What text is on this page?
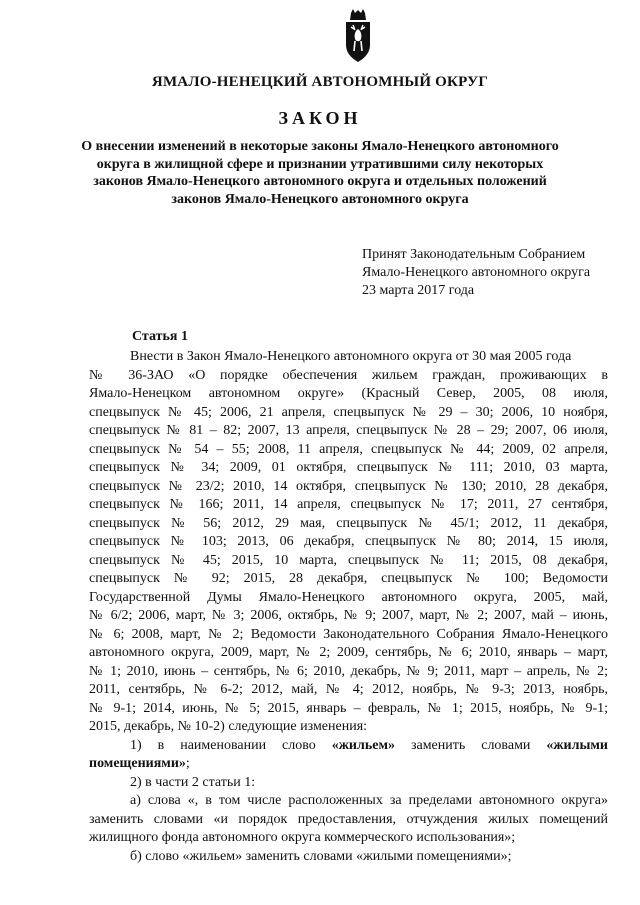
ЯМАЛО-НЕНЕЦКИЙ АВТОНОМНЫЙ ОКРУГ
ЗАКОН
О внесении изменений в некоторые законы Ямало-Ненецкого автономного
округа в жилищной сфере и признании утратившими силу некоторых
законов Ямало-Ненецкого автономного округа и отдельных положений
законов Ямало-Ненецкого автономного округа
Принят Законодательным Собранием
Ямало-Ненецкого автономного округа
23 марта 2017 года
Статья 1
Внести в Закон Ямало-Ненецкого автономного округа от 30 мая 2005 года
№ 36-ЗАО «О порядке обеспечения жильем граждан, проживающих в
Ямало-Ненецком автономном округе» (Красный Север, 2005, 08 июля,
спецвыпуск № 45; 2006, 21 апреля, спецвыпуск № 29 – 30; 2006, 10 ноября,
спецвыпуск № 81 – 82; 2007, 13 апреля, спецвыпуск № 28 – 29; 2007, 06 июля,
спецвыпуск № 54 – 55; 2008, 11 апреля, спецвыпуск № 44; 2009, 02 апреля,
спецвыпуск № 34; 2009, 01 октября, спецвыпуск № 111; 2010, 03 марта,
спецвыпуск № 23/2; 2010, 14 октября, спецвыпуск № 130; 2010, 28 декабря,
спецвыпуск № 166; 2011, 14 апреля, спецвыпуск № 17; 2011, 27 сентября,
спецвыпуск № 56; 2012, 29 мая, спецвыпуск № 45/1; 2012, 11 декабря,
спецвыпуск № 103; 2013, 06 декабря, спецвыпуск № 80; 2014, 15 июля,
спецвыпуск № 45; 2015, 10 марта, спецвыпуск № 11; 2015, 08 декабря,
спецвыпуск № 92; 2015, 28 декабря, спецвыпуск № 100; Ведомости
Государственной Думы Ямало-Ненецкого автономного округа, 2005, май,
№ 6/2; 2006, март, № 3; 2006, октябрь, № 9; 2007, март, № 2; 2007, май – июнь,
№ 6; 2008, март, № 2; Ведомости Законодательного Собрания Ямало-Ненецкого
автономного округа, 2009, март, № 2; 2009, сентябрь, № 6; 2010, январь – март,
№ 1; 2010, июнь – сентябрь, № 6; 2010, декабрь, № 9; 2011, март – апрель, № 2;
2011, сентябрь, № 6-2; 2012, май, № 4; 2012, ноябрь, № 9-3; 2013, ноябрь,
№ 9-1; 2014, июнь, № 5; 2015, январь – февраль, № 1; 2015, ноябрь, № 9-1;
2015, декабрь, № 10-2) следующие изменения:
1) в наименовании слово «жильем» заменить словами «жилыми
помещениями»;
2) в части 2 статьи 1:
а) слова «, в том числе расположенных за пределами автономного округа»
заменить словами «и порядок предоставления, отчуждения жилых помещений
жилищного фонда автономного округа коммерческого использования»;
б) слово «жильем» заменить словами «жилыми помещениями»;
